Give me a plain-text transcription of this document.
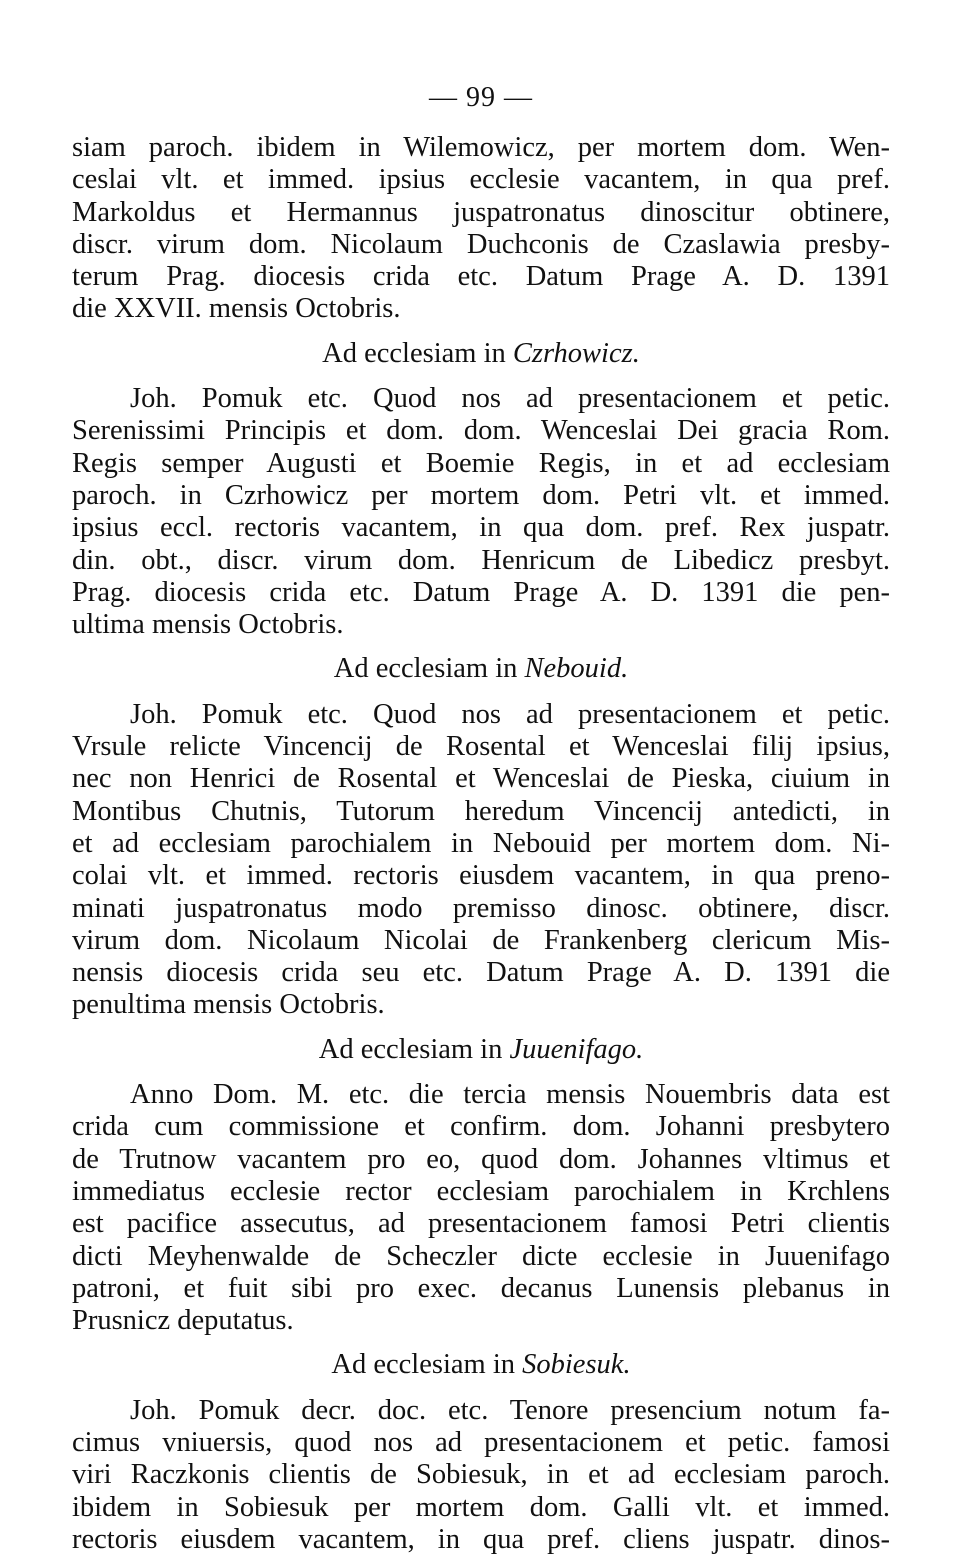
— 99 —
siam paroch. ibidem in Wilemowicz, per mortem dom. Wen-
ceslai vlt. et immed. ipsius ecclesie vacantem, in qua pref.
Markoldus et Hermannus juspatronatus dinoscitur obtinere,
discr. virum dom. Nicolaum Duchconis de Czaslawia presby-
terum Prag. diocesis crida etc. Datum Prage A. D. 1391
die XXVII. mensis Octobris.
Ad ecclesiam in Czrhowicz.
Joh. Pomuk etc. Quod nos ad presentacionem et petic.
Serenissimi Principis et dom. dom. Wenceslai Dei gracia Rom.
Regis semper Augusti et Boemie Regis, in et ad ecclesiam
paroch. in Czrhowicz per mortem dom. Petri vlt. et immed.
ipsius eccl. rectoris vacantem, in qua dom. pref. Rex juspatr.
din. obt., discr. virum dom. Henricum de Libedicz presbyt.
Prag. diocesis crida etc. Datum Prage A. D. 1391 die pen-
ultima mensis Octobris.
Ad ecclesiam in Nebouid.
Joh. Pomuk etc. Quod nos ad presentacionem et petic.
Vrsule relicte Vincencij de Rosental et Wenceslai filij ipsius,
nec non Henrici de Rosental et Wenceslai de Pieska, ciuium in
Montibus Chutnis, Tutorum heredum Vincencij antedicti, in
et ad ecclesiam parochialem in Nebouid per mortem dom. Ni-
colai vlt. et immed. rectoris eiusdem vacantem, in qua preno-
minati juspatronatus modo premisso dinosc. obtinere, discr.
virum dom. Nicolaum Nicolai de Frankenberg clericum Mis-
nensis diocesis crida seu etc. Datum Prage A. D. 1391 die
penultima mensis Octobris.
Ad ecclesiam in Juuenifago.
Anno Dom. M. etc. die tercia mensis Nouembris data est
crida cum commissione et confirm. dom. Johanni presbytero
de Trutnow vacantem pro eo, quod dom. Johannes vltimus et
immediatus ecclesie rector ecclesiam parochialem in Krchlens
est pacifice assecutus, ad presentacionem famosi Petri clientis
dicti Meyhenwalde de Scheczler dicte ecclesie in Juuenifago
patroni, et fuit sibi pro exec. decanus Lunensis plebanus in
Prusnicz deputatus.
Ad ecclesiam in Sobiesuk.
Joh. Pomuk decr. doc. etc. Tenore presencium notum fa-
cimus vniuersis, quod nos ad presentacionem et petic. famosi
viri Raczkonis clientis de Sobiesuk, in et ad ecclesiam paroch.
ibidem in Sobiesuk per mortem dom. Galli vlt. et immed.
rectoris eiusdem vacantem, in qua pref. cliens juspatr. dinos-
